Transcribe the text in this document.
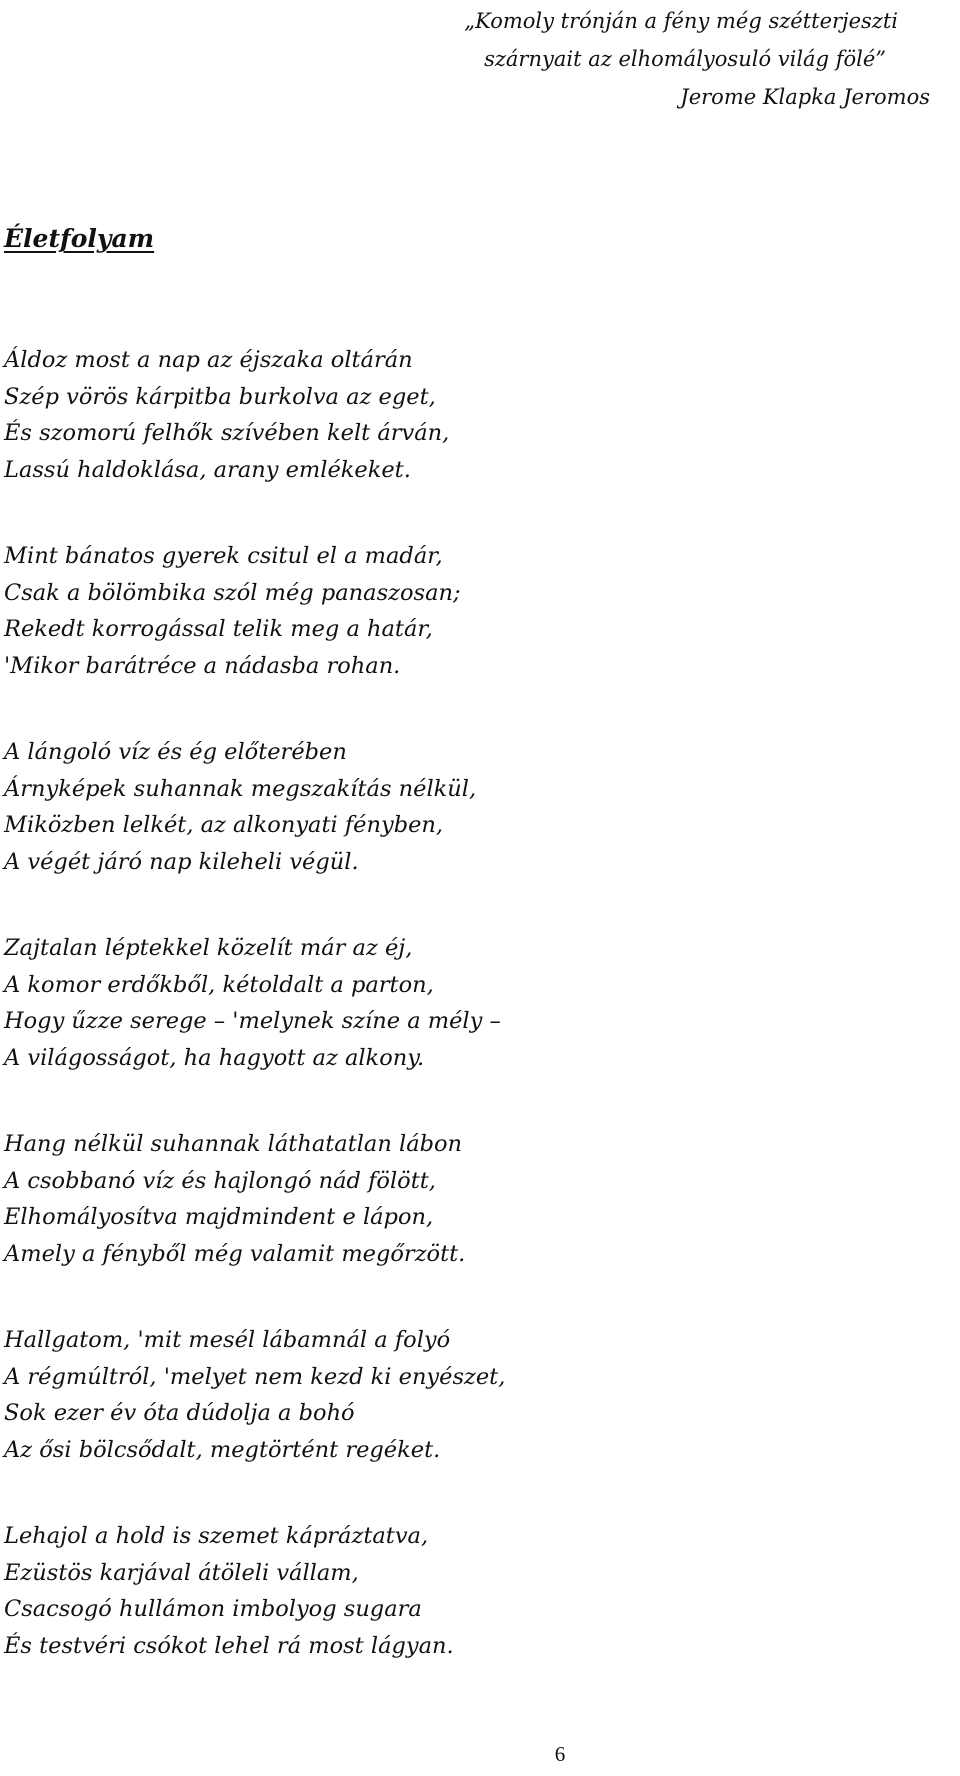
„Komoly trónján a fény még szétterjeszti
szárnyait az elhomályosuló világ fölé”
Jerome Klapka Jeromos
Életfolyam

Áldoz most a nap az éjszaka oltárán
Szép vörös kárpitba burkolva az eget,
És szomorú felhők szívében kelt árván,
Lassú haldoklása, arany emlékeket.

Mint bánatos gyerek csitul el a madár,
Csak a bölömbika szól még panaszosan;
Rekedt korrogással telik meg a határ,
'Mikor barátréce a nádasba rohan.

A lángoló víz és ég előterében
Árnyképek suhannak megszakítás nélkül,
Miközben lelkét, az alkonyati fényben,
A végét járó nap kileheli végül.

Zajtalan léptekkel közelít már az éj,
A komor erdőkből, kétoldalt a parton,
Hogy űzze serege – 'melynek színe a mély –
A világosságot, ha hagyott az alkony.

Hang nélkül suhannak láthatatlan lábon
A csobbanó víz és hajlongó nád fölött,
Elhomályosítva majdmindent e lápon,
Amely a fényből még valamit megőrzött.

Hallgatom, 'mit mesél lábamnál a folyó
A régmúltról, 'melyet nem kezd ki enyészet,
Sok ezer év óta dúdolja a bohó
Az ősi bölcsődalt, megtörtént regéket.

Lehajol a hold is szemet kápráztatva,
Ezüstös karjával átöleli vállam,
Csacsogó hullámon imbolyog sugara
És testvéri csókot lehel rá most lágyan.

6
